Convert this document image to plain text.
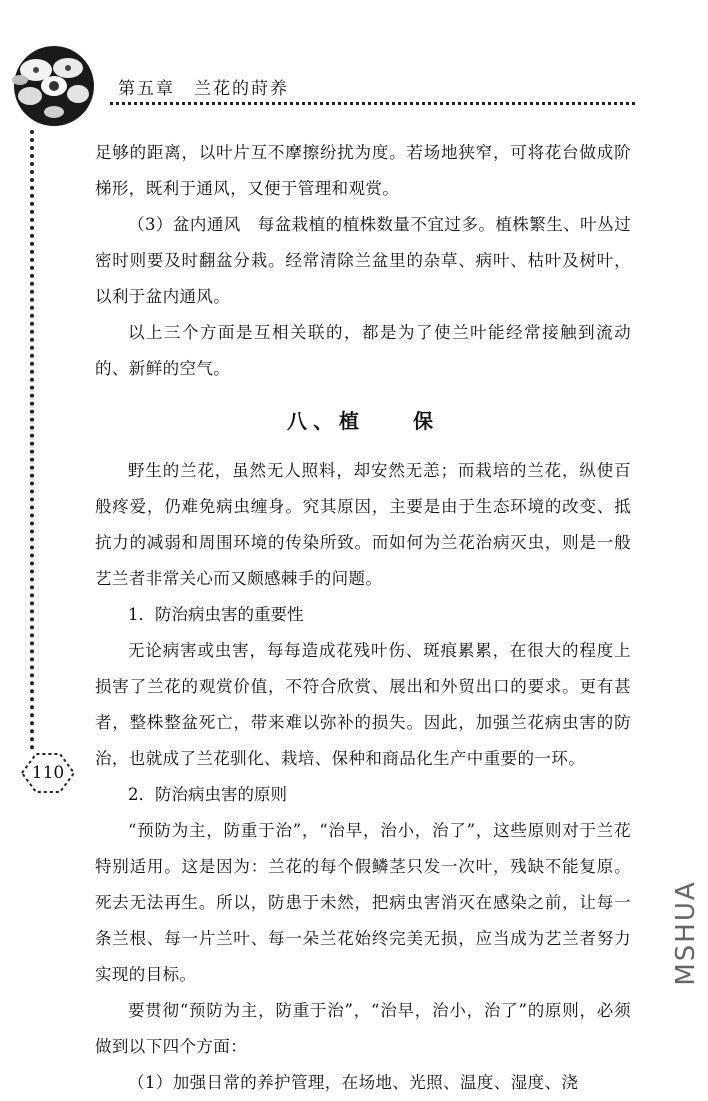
第五章　兰花的莳养
110

足够的距离，以叶片互不摩擦纷扰为度。若场地狭窄，可将花台做成阶梯形，既利于通风，又便于管理和观赏。

（3）盆内通风　每盆栽植的植株数量不宜过多。植株繁生、叶丛过密时则要及时翻盆分栽。经常清除兰盆里的杂草、病叶、枯叶及树叶，以利于盆内通风。

以上三个方面是互相关联的，都是为了使兰叶能经常接触到流动的、新鲜的空气。

八、植 保

野生的兰花，虽然无人照料，却安然无恙；而栽培的兰花，纵使百般疼爱，仍难免病虫缠身。究其原因，主要是由于生态环境的改变、抵抗力的减弱和周围环境的传染所致。而如何为兰花治病灭虫，则是一般艺兰者非常关心而又颇感棘手的问题。

1．防治病虫害的重要性

无论病害或虫害，每每造成花残叶伤、斑痕累累，在很大的程度上损害了兰花的观赏价值，不符合欣赏、展出和外贸出口的要求。更有甚者，整株整盆死亡，带来难以弥补的损失。因此，加强兰花病虫害的防治，也就成了兰花驯化、栽培、保种和商品化生产中重要的一环。

2．防治病虫害的原则

“预防为主，防重于治”，“治早，治小，治了”，这些原则对于兰花特别适用。这是因为：兰花的每个假鳞茎只发一次叶，残缺不能复原。死去无法再生。所以，防患于未然，把病虫害消灭在感染之前，让每一条兰根、每一片兰叶、每一朵兰花始终完美无损，应当成为艺兰者努力实现的目标。

要贯彻“预防为主，防重于治”，“治早，治小，治了”的原则，必须做到以下四个方面：

（1）加强日常的养护管理，在场地、光照、温度、湿度、浇

MSHUA
